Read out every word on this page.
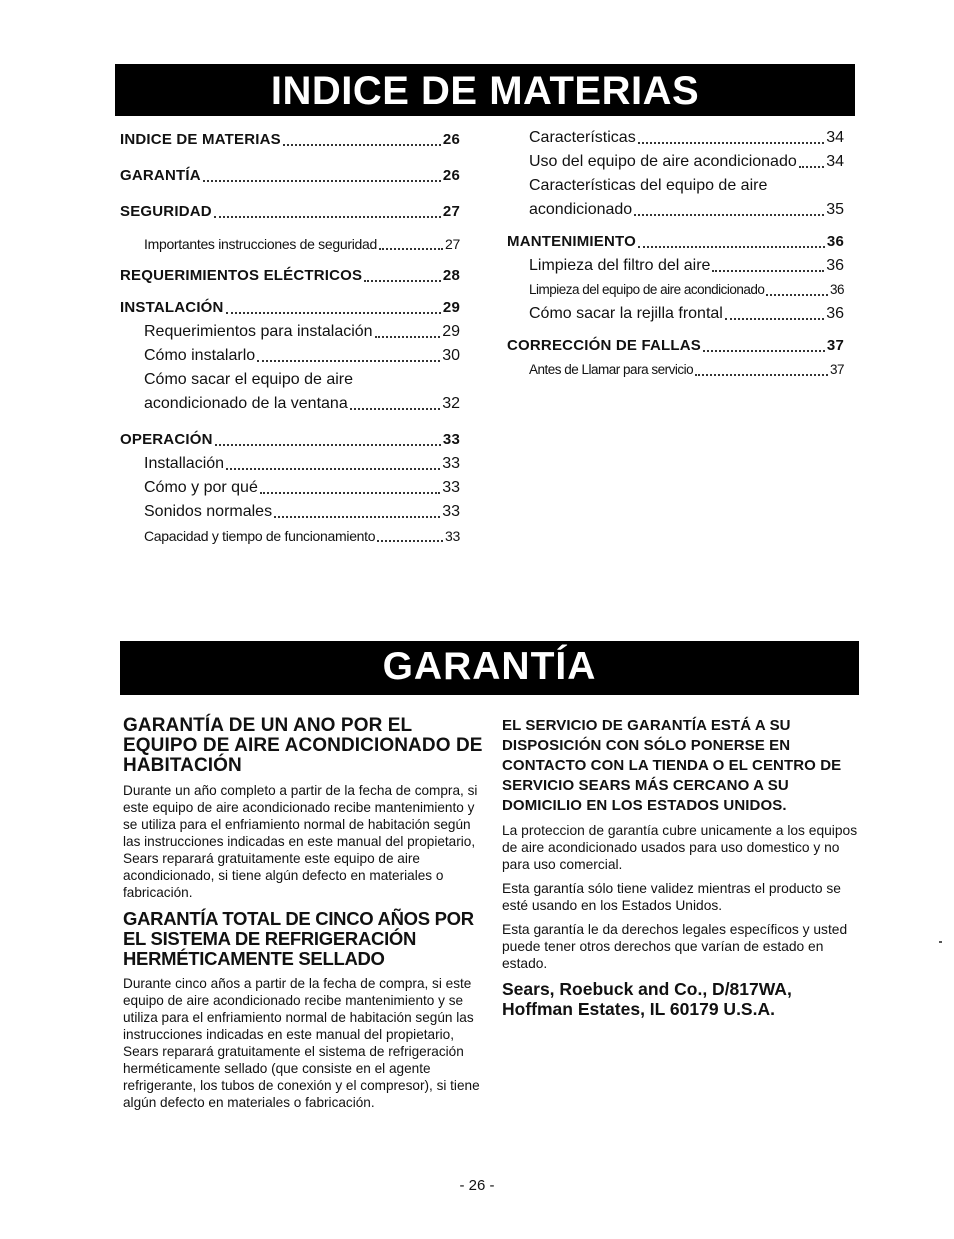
INDICE DE MATERIAS
INDICE DE MATERIAS	26
GARANTÍA	26
SEGURIDAD	27
Importantes instrucciones de seguridad	27
REQUERIMIENTOS ELÉCTRICOS	28
INSTALACIÓN	29
Requerimientos para instalación	29
Cómo instalarlo	30
Cómo sacar el equipo de aire
acondicionado de la ventana	32
OPERACIÓN	33
Installación	33
Cómo y por qué	33
Sonidos normales	33
Capacidad y tiempo de funcionamiento	33
Características	34
Uso del equipo de aire acondicionado 34
Características del equipo de aire
acondicionado	35
MANTENIMIENTO	36
Limpieza del filtro del aire	36
Limpieza del equipo de aire acondicionado	36
Cómo sacar la rejilla frontal	36
CORRECCIÓN DE FALLAS	37
Antes de Llamar para servicio	37
GARANTÍA
GARANTÍA DE UN ANO POR EL EQUIPO DE AIRE ACONDICIONADO DE HABITACIÓN

Durante un año completo a partir de la fecha de compra, si este equipo de aire acondicionado recibe mantenimiento y se utiliza para el enfriamiento normal de habitación según las instrucciones indicadas en este manual del propietario, Sears reparará gratuitamente este equipo de aire acondicionado, si tiene algún defecto en materiales o fabricación.

GARANTÍA TOTAL DE CINCO AÑOS POR EL SISTEMA DE REFRIGERACIÓN HERMÉTICAMENTE SELLADO

Durante cinco años a partir de la fecha de compra, si este equipo de aire acondicionado recibe mantenimiento y se utiliza para el enfriamiento normal de habitación según las instrucciones indicadas en este manual del propietario, Sears reparará gratuitamente el sistema de refrigeración herméticamente sellado (que consiste en el agente refrigerante, los tubos de conexión y el compresor), si tiene algún defecto en materiales o fabricación.

EL SERVICIO DE GARANTÍA ESTÁ A SU DISPOSICIÓN CON SÓLO PONERSE EN CONTACTO CON LA TIENDA O EL CENTRO DE SERVICIO SEARS MÁS CERCANO A SU DOMICILIO EN LOS ESTADOS UNIDOS.

La proteccion de garantía cubre unicamente a los equipos de aire acondicionado usados para uso domestico y no para uso comercial.

Esta garantía sólo tiene validez mientras el producto se esté usando en los Estados Unidos.

Esta garantía le da derechos legales específicos y usted puede tener otros derechos que varían de estado en estado.

Sears, Roebuck and Co., D/817WA, Hoffman Estates, IL 60179 U.S.A.
- 26 -
